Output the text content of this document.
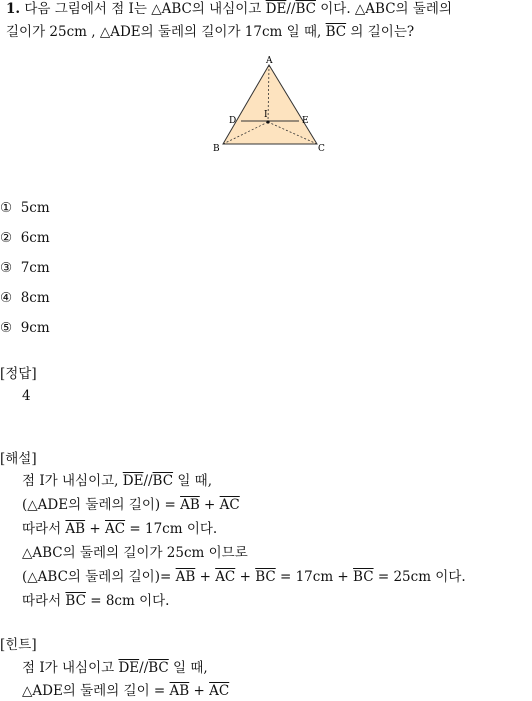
1. 다음 그림에서 점 I는 △ABC의 내심이고 $\overline{DE}//\overline{BC}$ 이다. △ABC의 둘레의
길이가 25cm , △ADE의 둘레의 길이가 17cm 일 때, $\overline{BC}$ 의 길이는?
A
B	C
D	E
I
① 5cm
② 6cm
③ 7cm
④ 8cm
⑤ 9cm
[정답]
4
[해설]
점 I가 내심이고, $\overline{DE}//\overline{BC}$ 일 때,
(△ADE의 둘레의 길이) = $\overline{AB} + \overline{AC}$
따라서 $\overline{AB} + \overline{AC} = 17cm$ 이다.
△ABC의 둘레의 길이가 25cm 이므로
(△ABC의 둘레의 길이)= $\overline{AB} + \overline{AC} + \overline{BC} = 17cm + \overline{BC} = 25cm$ 이다.
따라서 $\overline{BC} = 8cm$ 이다.
[힌트]
점 I가 내심이고 $\overline{DE}//\overline{BC}$ 일 때,
△ADE의 둘레의 길이 = $\overline{AB} + \overline{AC}$
